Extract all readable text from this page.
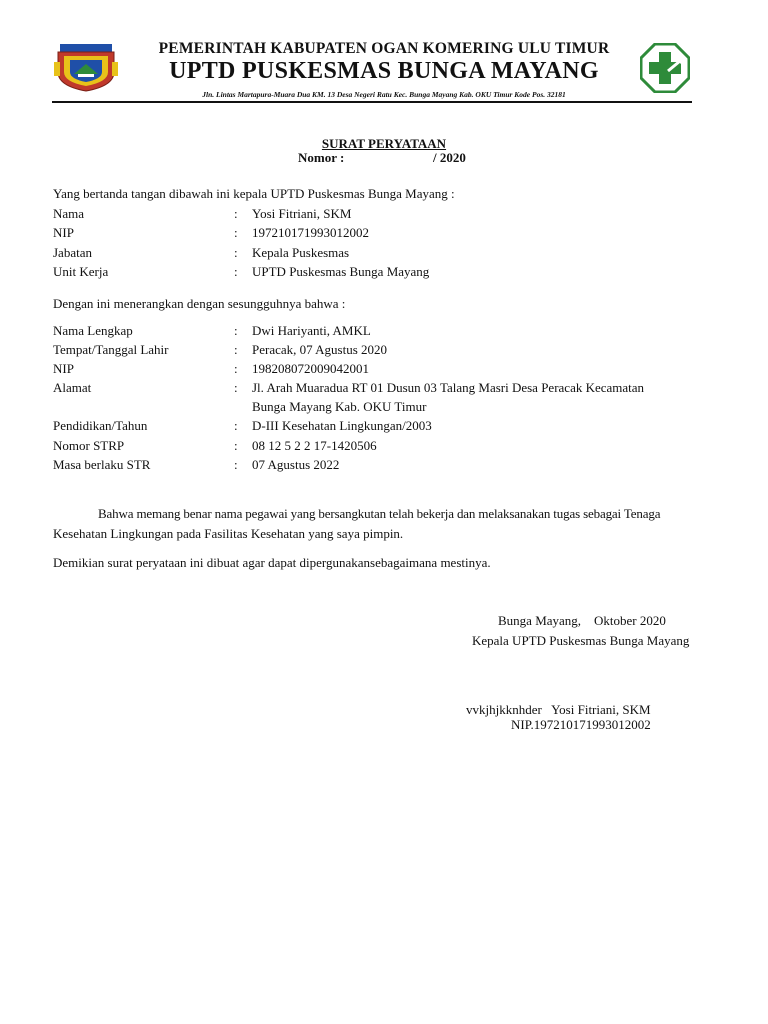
PEMERINTAH KABUPATEN OGAN KOMERING ULU TIMUR
UPTD PUSKESMAS BUNGA MAYANG
Jln. Lintas Martapura-Muara Dua KM. 13 Desa Negeri Ratu Kec. Bunga Mayang Kab. OKU Timur Kode Pos. 32181
SURAT PERYATAAN
Nomor :	/ 2020
Yang bertanda tangan dibawah ini kepala UPTD Puskesmas Bunga Mayang :
Nama	: Yosi Fitriani, SKM
NIP	: 197210171993012002
Jabatan	: Kepala Puskesmas
Unit Kerja	: UPTD Puskesmas Bunga Mayang
Dengan ini menerangkan dengan sesungguhnya bahwa :
Nama Lengkap	: Dwi Hariyanti, AMKL
Tempat/Tanggal Lahir	: Peracak, 07 Agustus 2020
NIP	: 198208072009042001
Alamat	: Jl. Arah Muaradua RT 01 Dusun 03 Talang Masri Desa Peracak Kecamatan
Bunga Mayang Kab. OKU Timur
Pendidikan/Tahun	: D-III Kesehatan Lingkungan/2003
Nomor STRP	: 08 12 5 2 2 17-1420506
Masa berlaku STR	: 07 Agustus 2022
Bahwa memang benar nama pegawai yang bersangkutan telah bekerja dan melaksanakan tugas sebagai Tenaga
Kesehatan Lingkungan pada Fasilitas Kesehatan yang saya pimpin.
Demikian surat peryataan ini dibuat agar dapat dipergunakansebagaimana mestinya.
Bunga Mayang,    Oktober 2020
Kepala UPTD Puskesmas Bunga Mayang
vvkjhjkknhder   Yosi Fitriani, SKM
NIP.197210171993012002
